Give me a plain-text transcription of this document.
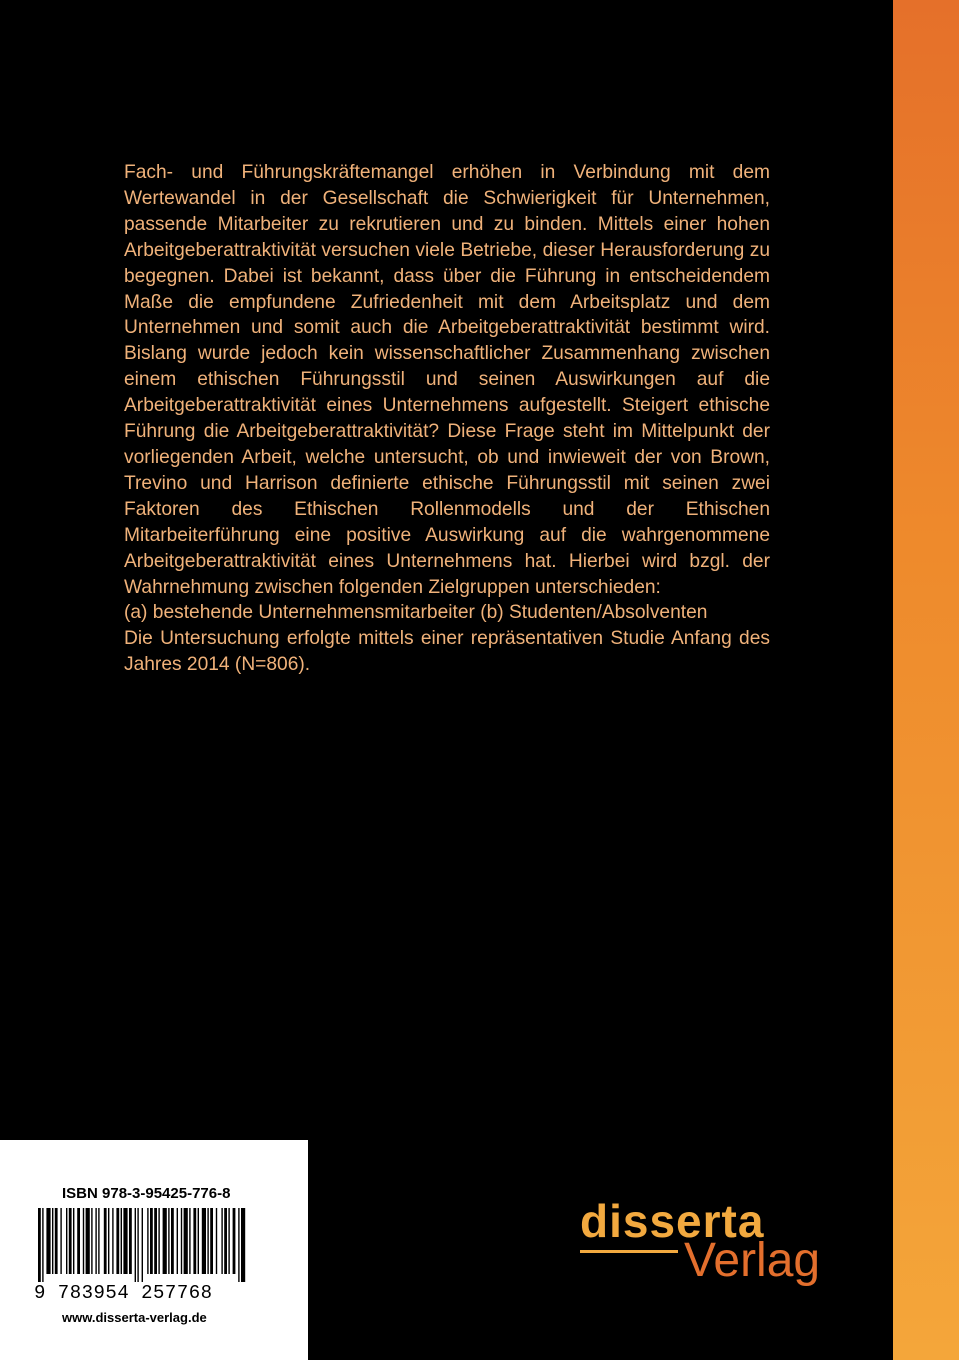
Fach- und Führungskräftemangel erhöhen in Verbindung mit dem Wertewandel in der Gesellschaft die Schwierigkeit für Unternehmen, passende Mitarbeiter zu rekrutieren und zu binden. Mittels einer hohen Arbeitgeberattraktivität versuchen viele Betriebe, dieser Herausforderung zu begegnen. Dabei ist bekannt, dass über die Führung in entscheidendem Maße die empfundene Zufriedenheit mit dem Arbeitsplatz und dem Unternehmen und somit auch die Arbeitgeberattraktivität bestimmt wird. Bislang wurde jedoch kein wissenschaftlicher Zusammenhang zwischen einem ethischen Führungsstil und seinen Auswirkungen auf die Arbeitgeberattraktivität eines Unternehmens aufgestellt. Steigert ethische Führung die Arbeitgeberattraktivität? Diese Frage steht im Mittelpunkt der vorliegenden Arbeit, welche untersucht, ob und inwieweit der von Brown, Trevino und Harrison definierte ethische Führungsstil mit seinen zwei Faktoren des Ethischen Rollenmodells und der Ethischen Mitarbeiterführung eine positive Auswirkung auf die wahrgenommene Arbeitgeberattraktivität eines Unternehmens hat. Hierbei wird bzgl. der Wahrnehmung zwischen folgenden Zielgruppen unterschieden:

(a) bestehende Unternehmensmitarbeiter (b) Studenten/Absolventen

Die Untersuchung erfolgte mittels einer repräsentativen Studie Anfang des Jahres 2014 (N=806).

ISBN 978-3-95425-776-8
9 783954 257768
www.disserta-verlag.de
disserta
Verlag
